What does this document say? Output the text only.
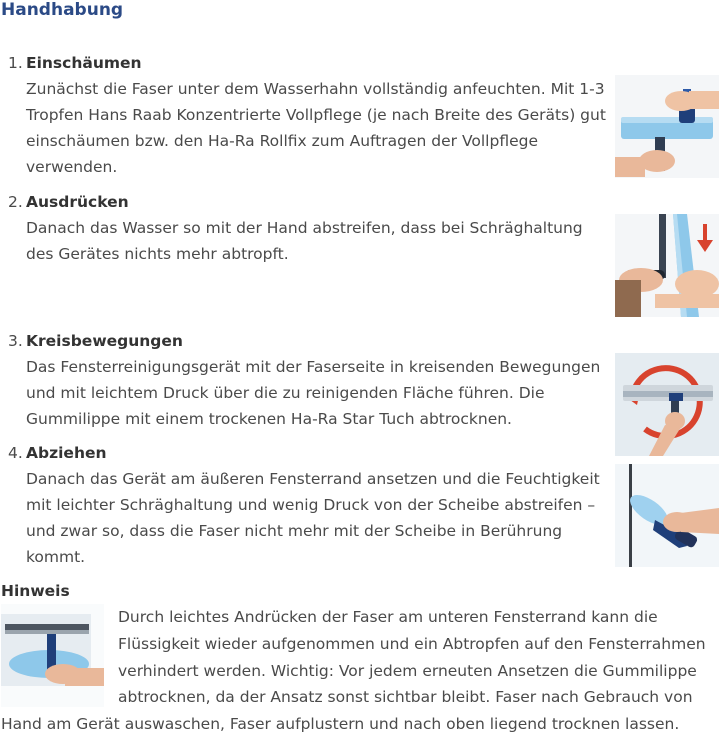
Handhabung
1. Einschäumen
Zunächst die Faser unter dem Wasserhahn vollständig anfeuchten. Mit 1-3 Tropfen Hans Raab Konzentrierte Vollpflege (je nach Breite des Geräts) gut einschäumen bzw. den Ha-Ra Rollfix zum Auftragen der Vollpflege verwenden.
2. Ausdrücken
Danach das Wasser so mit der Hand abstreifen, dass bei Schräghaltung des Gerätes nichts mehr abtropft.
3. Kreisbewegungen
Das Fensterreinigungsgerät mit der Faserseite in kreisenden Bewegungen und mit leichtem Druck über die zu reinigenden Fläche führen. Die Gummilippe mit einem trockenen Ha-Ra Star Tuch abtrocknen.
4. Abziehen
Danach das Gerät am äußeren Fensterrand ansetzen und die Feuchtigkeit mit leichter Schräghaltung und wenig Druck von der Scheibe abstreifen – und zwar so, dass die Faser nicht mehr mit der Scheibe in Berührung kommt.
Hinweis
Durch leichtes Andrücken der Faser am unteren Fensterrand kann die Flüssigkeit wieder aufgenommen und ein Abtropfen auf den Fensterrahmen verhindert werden. Wichtig: Vor jedem erneuten Ansetzen die Gummilippe abtrocknen, da der Ansatz sonst sichtbar bleibt. Faser nach Gebrauch von Hand am Gerät auswaschen, Faser aufplustern und nach oben liegend trocknen lassen.
